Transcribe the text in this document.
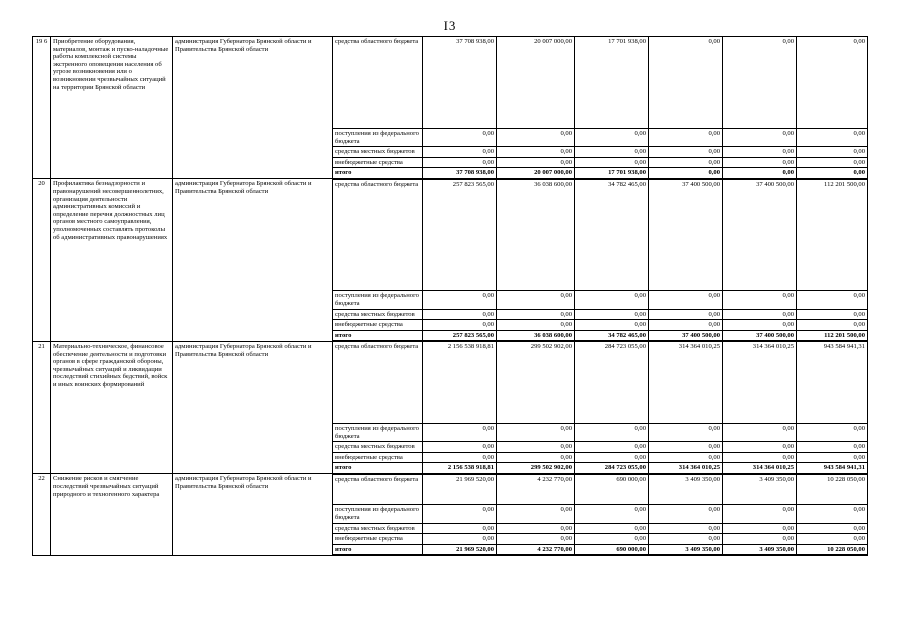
I3
19 6	Приобретение оборудования, материалов, монтаж и пуско-наладочные работы комплексной системы экстренного оповещения населения об угрозе возникновения или о возникновении чрезвычайных ситуаций на территории Брянской области	администрация Губернатора Брянской области и Правительства Брянской области	средства областного бюджета	37 708 938,00	20 007 000,00	17 701 938,00	0,00	0,00	0,00
			поступления из федерального бюджета	0,00	0,00	0,00	0,00	0,00	0,00
			средства местных бюджетов	0,00	0,00	0,00	0,00	0,00	0,00
			внебюджетные средства	0,00	0,00	0,00	0,00	0,00	0,00
			итого	37 708 938,00	20 007 000,00	17 701 938,00	0,00	0,00	0,00
20	Профилактика безнадзорности и правонарушений несовершеннолетних, организация деятельности административных комиссий и определение перечня должностных лиц органов местного самоуправления, уполномоченных составлять протоколы об административных правонарушениях	администрация Губернатора Брянской области и Правительства Брянской области	средства областного бюджета	257 823 565,00	36 038 600,00	34 782 465,00	37 400 500,00	37 400 500,00	112 201 500,00
			поступления из федерального бюджета	0,00	0,00	0,00	0,00	0,00	0,00
			средства местных бюджетов	0,00	0,00	0,00	0,00	0,00	0,00
			внебюджетные средства	0,00	0,00	0,00	0,00	0,00	0,00
			итого	257 823 565,00	36 038 600,00	34 782 465,00	37 400 500,00	37 400 500,00	112 201 500,00
21	Материально-техническое, финансовое обеспечение деятельности и подготовки органов в сфере гражданской обороны, чрезвычайных ситуаций и ликвидации последствий стихийных бедствий, войск и иных воинских формирований	администрация Губернатора Брянской области и Правительства Брянской области	средства областного бюджета	2 156 538 918,81	299 502 902,00	284 723 055,00	314 364 010,25	314 364 010,25	943 584 941,31
			поступления из федерального бюджета	0,00	0,00	0,00	0,00	0,00	0,00
			средства местных бюджетов	0,00	0,00	0,00	0,00	0,00	0,00
			внебюджетные средства	0,00	0,00	0,00	0,00	0,00	0,00
			итого	2 156 538 918,81	299 502 902,00	284 723 055,00	314 364 010,25	314 364 010,25	943 584 941,31
22	Снижение рисков и смягчение последствий чрезвычайных ситуаций природного и техногенного характера	администрация Губернатора Брянской области и Правительства Брянской области	средства областного бюджета	21 969 520,00	4 232 770,00	690 000,00	3 409 350,00	3 409 350,00	10 228 050,00
			поступления из федерального бюджета	0,00	0,00	0,00	0,00	0,00	0,00
			средства местных бюджетов	0,00	0,00	0,00	0,00	0,00	0,00
			внебюджетные средства	0,00	0,00	0,00	0,00	0,00	0,00
			итого	21 969 520,00	4 232 770,00	690 000,00	3 409 350,00	3 409 350,00	10 228 050,00
